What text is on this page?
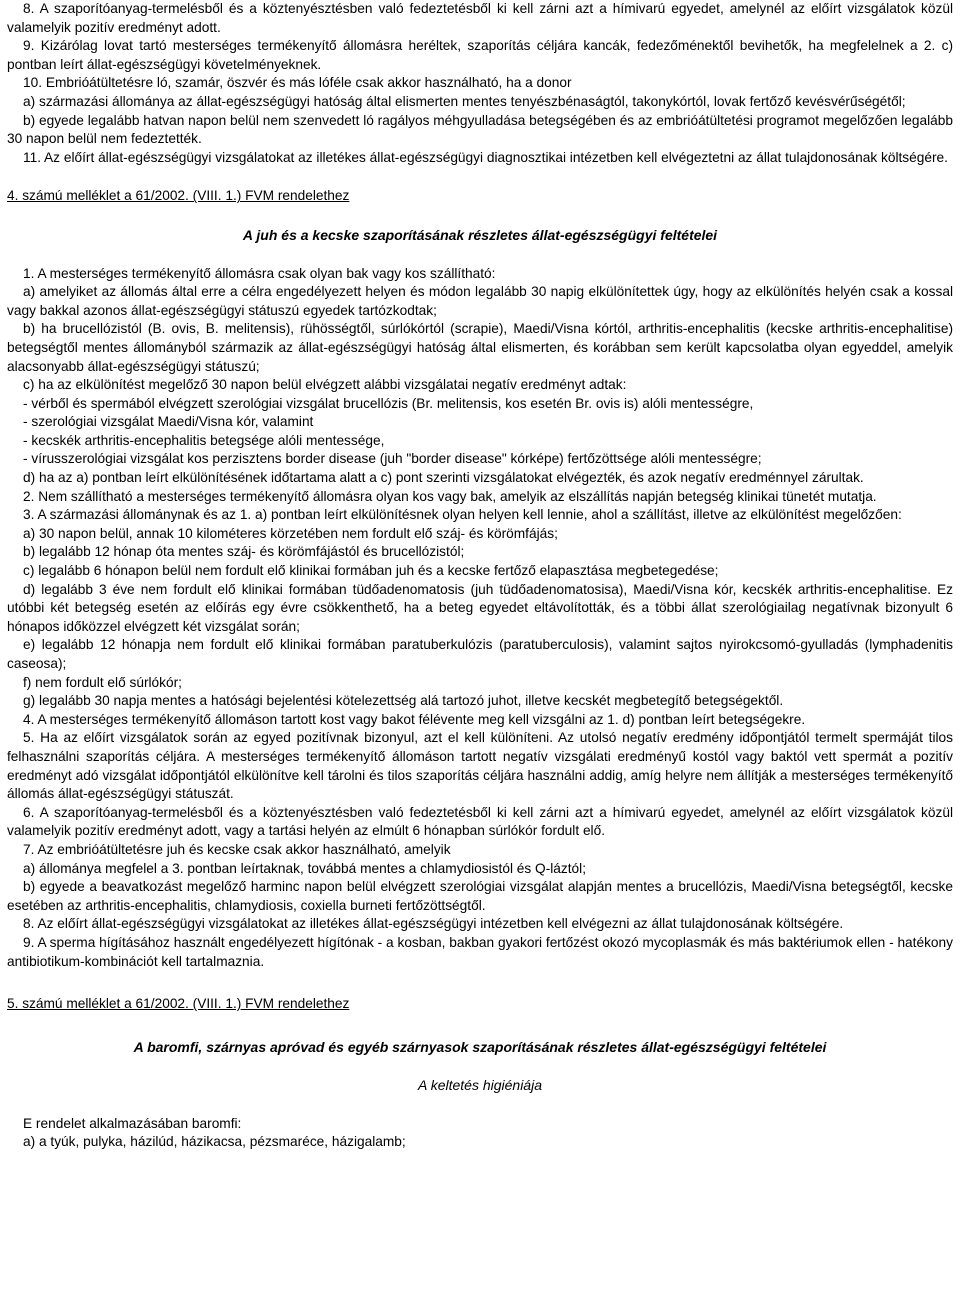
8. A szaporítóanyag-termelésből és a köztenyésztésben való fedeztetésből ki kell zárni azt a hímivarú egyedet, amelynél az előírt vizsgálatok közül valamelyik pozitív eredményt adott.

9. Kizárólag lovat tartó mesterséges termékenyítő állomásra heréltek, szaporítás céljára kancák, fedezőménektől bevihetők, ha megfelelnek a 2. c) pontban leírt állat-egészségügyi követelményeknek.

10. Embrióátültetésre ló, szamár, öszvér és más lóféle csak akkor használható, ha a donor

a) származási állománya az állat-egészségügyi hatóság által elismerten mentes tenyészbénaságtól, takonykórtól, lovak fertőző kevésvérűségétől;

b) egyede legalább hatvan napon belül nem szenvedett ló ragályos méhgyulladása betegségében és az embrióátültetési programot megelőzően legalább 30 napon belül nem fedeztették.

11. Az előírt állat-egészségügyi vizsgálatokat az illetékes állat-egészségügyi diagnosztikai intézetben kell elvégeztetni az állat tulajdonosának költségére.

4. számú melléklet a 61/2002. (VIII. 1.) FVM rendelethez
A juh és a kecske szaporításának részletes állat-egészségügyi feltételei

1. A mesterséges termékenyítő állomásra csak olyan bak vagy kos szállítható:

a) amelyiket az állomás által erre a célra engedélyezett helyen és módon legalább 30 napig elkülönítettek úgy, hogy az elkülönítés helyén csak a kossal vagy bakkal azonos állat-egészségügyi státuszú egyedek tartózkodtak;

b) ha brucellózistól (B. ovis, B. melitensis), rühösségtől, súrlókórtól (scrapie), Maedi/Visna kórtól, arthritis-encephalitis (kecske arthritis-encephalitise) betegségtől mentes állományból származik az állat-egészségügyi hatóság által elismerten, és korábban sem került kapcsolatba olyan egyeddel, amelyik alacsonyabb állat-egészségügyi státuszú;

c) ha az elkülönítést megelőző 30 napon belül elvégzett alábbi vizsgálatai negatív eredményt adtak:

- vérből és spermából elvégzett szerológiai vizsgálat brucellózis (Br. melitensis, kos esetén Br. ovis is) alóli mentességre,

- szerológiai vizsgálat Maedi/Visna kór, valamint

- kecskék arthritis-encephalitis betegsége alóli mentessége,

- vírusszerológiai vizsgálat kos perzisztens border disease (juh "border disease" kórképe) fertőzöttsége alóli mentességre;

d) ha az a) pontban leírt elkülönítésének időtartama alatt a c) pont szerinti vizsgálatokat elvégezték, és azok negatív eredménnyel zárultak.

2. Nem szállítható a mesterséges termékenyítő állomásra olyan kos vagy bak, amelyik az elszállítás napján betegség klinikai tünetét mutatja.

3. A származási állománynak és az 1. a) pontban leírt elkülönítésnek olyan helyen kell lennie, ahol a szállítást, illetve az elkülönítést megelőzően:

a) 30 napon belül, annak 10 kilométeres körzetében nem fordult elő száj- és körömfájás;

b) legalább 12 hónap óta mentes száj- és körömfájástól és brucellózistól;

c) legalább 6 hónapon belül nem fordult elő klinikai formában juh és a kecske fertőző elapasztása megbetegedése;

d) legalább 3 éve nem fordult elő klinikai formában tüdőadenomatosis (juh tüdőadenomatosisa), Maedi/Visna kór, kecskék arthritis-encephalitise. Ez utóbbi két betegség esetén az előírás egy évre csökkenthető, ha a beteg egyedet eltávolították, és a többi állat szerológiailag negatívnak bizonyult 6 hónapos időközzel elvégzett két vizsgálat során;

e) legalább 12 hónapja nem fordult elő klinikai formában paratuberkulózis (paratuberculosis), valamint sajtos nyirokcsomó-gyulladás (lymphadenitis caseosa);

f) nem fordult elő súrlókór;

g) legalább 30 napja mentes a hatósági bejelentési kötelezettség alá tartozó juhot, illetve kecskét megbetegítő betegségektől.

4. A mesterséges termékenyítő állomáson tartott kost vagy bakot félévente meg kell vizsgálni az 1. d) pontban leírt betegségekre.

5. Ha az előírt vizsgálatok során az egyed pozitívnak bizonyul, azt el kell különíteni. Az utolsó negatív eredmény időpontjától termelt spermáját tilos felhasználni szaporítás céljára. A mesterséges termékenyítő állomáson tartott negatív vizsgálati eredményű kostól vagy baktól vett spermát a pozitív eredményt adó vizsgálat időpontjától elkülönítve kell tárolni és tilos szaporítás céljára használni addig, amíg helyre nem állítják a mesterséges termékenyítő állomás állat-egészségügyi státuszát.

6. A szaporítóanyag-termelésből és a köztenyésztésben való fedeztetésből ki kell zárni azt a hímivarú egyedet, amelynél az előírt vizsgálatok közül valamelyik pozitív eredményt adott, vagy a tartási helyén az elmúlt 6 hónapban súrlókór fordult elő.

7. Az embrióátültetésre juh és kecske csak akkor használható, amelyik

a) állománya megfelel a 3. pontban leírtaknak, továbbá mentes a chlamydiosistól és Q-láztól;

b) egyede a beavatkozást megelőző harminc napon belül elvégzett szerológiai vizsgálat alapján mentes a brucellózis, Maedi/Visna betegségtől, kecske esetében az arthritis-encephalitis, chlamydiosis, coxiella burneti fertőzöttségtől.

8. Az előírt állat-egészségügyi vizsgálatokat az illetékes állat-egészségügyi intézetben kell elvégezni az állat tulajdonosának költségére.

9. A sperma hígításához használt engedélyezett hígítónak - a kosban, bakban gyakori fertőzést okozó mycoplasmák és más baktériumok ellen - hatékony antibiotikum-kombinációt kell tartalmaznia.

5. számú melléklet a 61/2002. (VIII. 1.) FVM rendelethez
A baromfi, szárnyas apróvad és egyéb szárnyasok szaporításának részletes állat-egészségügyi feltételei
A keltetés higiéniája

E rendelet alkalmazásában baromfi:

a) a tyúk, pulyka, házilúd, házikacsa, pézsmaréce, házigalamb;
